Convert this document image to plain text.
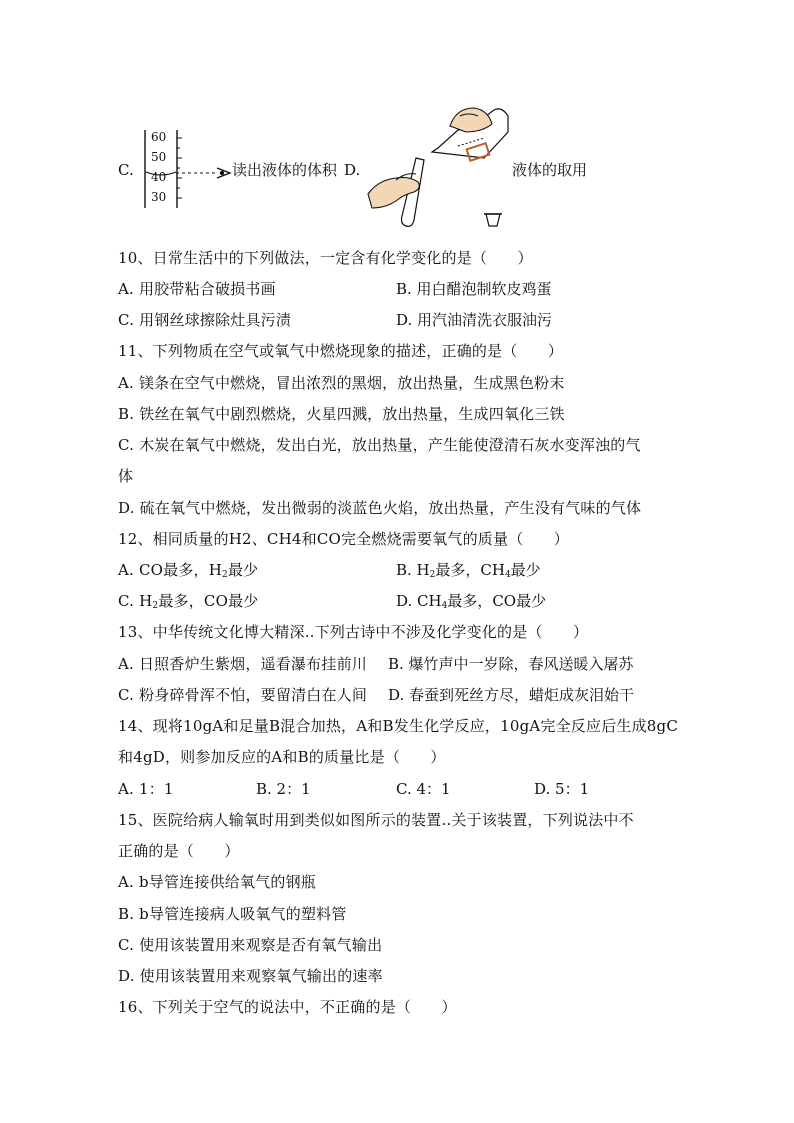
C.
60
50
40
30
读出液体的体积 D.	液体的取用
10、日常生活中的下列做法，一定含有化学变化的是（　　）
A. 用胶带粘合破损书画	B. 用白醋泡制软皮鸡蛋
C. 用钢丝球擦除灶具污渍	D. 用汽油清洗衣服油污
11、下列物质在空气或氧气中燃烧现象的描述，正确的是（　　）
A. 镁条在空气中燃烧，冒出浓烈的黑烟，放出热量，生成黑色粉末
B. 铁丝在氧气中剧烈燃烧，火星四溅，放出热量，生成四氧化三铁
C. 木炭在氧气中燃烧，发出白光，放出热量，产生能使澄清石灰水变浑浊的气
体
D. 硫在氧气中燃烧，发出微弱的淡蓝色火焰，放出热量，产生没有气味的气体
12、相同质量的H2、CH4和CO完全燃烧需要氧气的质量（　　）
A. CO最多，$H_2$最少	B. $H_2$最多，$CH_4$最少
C. $H_2$最多，CO最少	D. $CH_4$最多，CO最少
13、中华传统文化博大精深..下列古诗中不涉及化学变化的是（　　）
A. 日照香炉生紫烟，遥看瀑布挂前川 B. 爆竹声中一岁除，春风送暖入屠苏
C. 粉身碎骨浑不怕，要留清白在人间 D. 春蚕到死丝方尽，蜡炬成灰泪始干
14、现将10gA和足量B混合加热，A和B发生化学反应，10gA完全反应后生成8gC
和4gD，则参加反应的A和B的质量比是（　　）
A. 1：1	B. 2：1	C. 4：1	D. 5：1
15、医院给病人输氧时用到类似如图所示的装置..关于该装置，下列说法中不
正确的是（　　）
A. b导管连接供给氧气的钢瓶
B. b导管连接病人吸氧气的塑料管
C. 使用该装置用来观察是否有氧气输出
D. 使用该装置用来观察氧气输出的速率
16、下列关于空气的说法中，不正确的是（　　）
